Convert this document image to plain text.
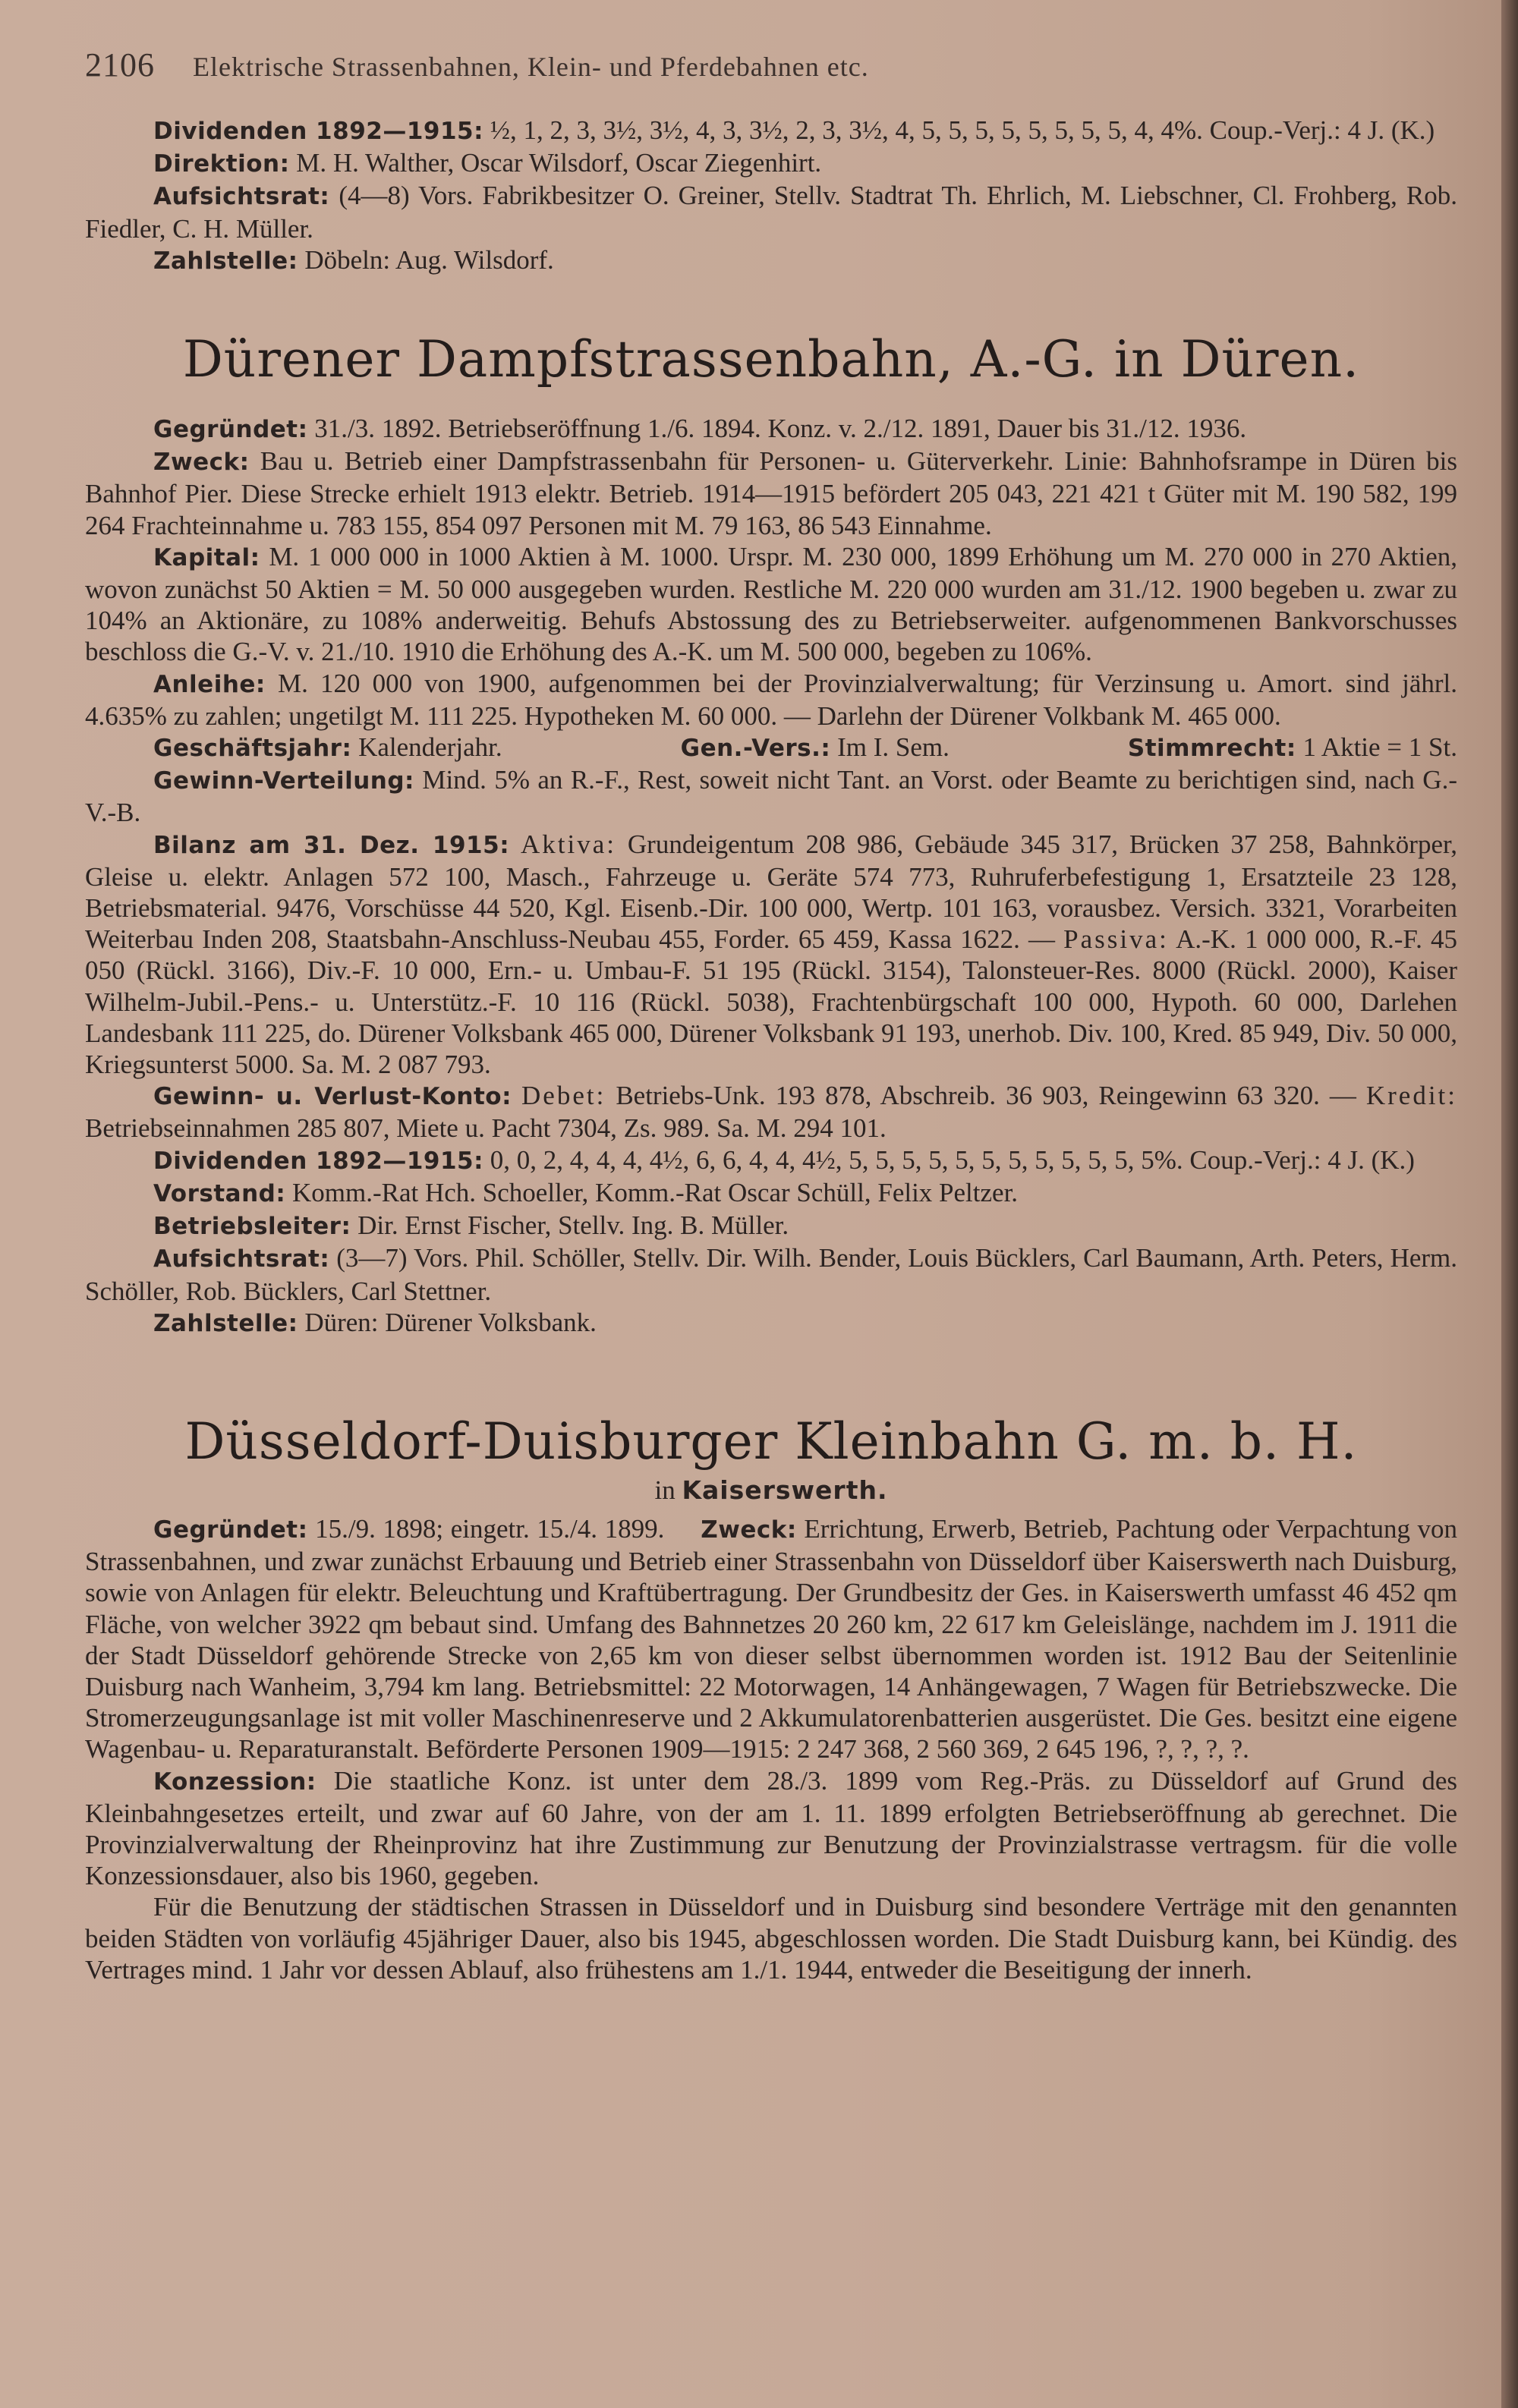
2106 Elektrische Strassenbahnen, Klein- und Pferdebahnen etc.

Dividenden 1892—1915: ½, 1, 2, 3, 3½, 3½, 4, 3, 3½, 2, 3, 3½, 4, 5, 5, 5, 5, 5, 5, 5, 5, 4, 4%. Coup.-Verj.: 4 J. (K.)

Direktion: M. H. Walther, Oscar Wilsdorf, Oscar Ziegenhirt.

Aufsichtsrat: (4—8) Vors. Fabrikbesitzer O. Greiner, Stellv. Stadtrat Th. Ehrlich, M. Liebschner, Cl. Frohberg, Rob. Fiedler, C. H. Müller.

Zahlstelle: Döbeln: Aug. Wilsdorf.

Dürener Dampfstrassenbahn, A.-G. in Düren.

Gegründet: 31./3. 1892. Betriebseröffnung 1./6. 1894. Konz. v. 2./12. 1891, Dauer bis 31./12. 1936.

Zweck: Bau u. Betrieb einer Dampfstrassenbahn für Personen- u. Güterverkehr. Linie: Bahnhofsrampe in Düren bis Bahnhof Pier. Diese Strecke erhielt 1913 elektr. Betrieb. 1914—1915 befördert 205 043, 221 421 t Güter mit M. 190 582, 199 264 Frachteinnahme u. 783 155, 854 097 Personen mit M. 79 163, 86 543 Einnahme.

Kapital: M. 1 000 000 in 1000 Aktien à M. 1000. Urspr. M. 230 000, 1899 Erhöhung um M. 270 000 in 270 Aktien, wovon zunächst 50 Aktien = M. 50 000 ausgegeben wurden. Restliche M. 220 000 wurden am 31./12. 1900 begeben u. zwar zu 104% an Aktionäre, zu 108% anderweitig. Behufs Abstossung des zu Betriebserweiter. aufgenommenen Bankvorschusses beschloss die G.-V. v. 21./10. 1910 die Erhöhung des A.-K. um M. 500 000, begeben zu 106%.

Anleihe: M. 120 000 von 1900, aufgenommen bei der Provinzialverwaltung; für Verzinsung u. Amort. sind jährl. 4.635% zu zahlen; ungetilgt M. 111 225. Hypotheken M. 60 000. — Darlehn der Dürener Volkbank M. 465 000.

Geschäftsjahr: Kalenderjahr.	Gen.-Vers.: Im I. Sem.	Stimmrecht: 1 Aktie = 1 St.

Gewinn-Verteilung: Mind. 5% an R.-F., Rest, soweit nicht Tant. an Vorst. oder Beamte zu berichtigen sind, nach G.-V.-B.

Bilanz am 31. Dez. 1915: Aktiva: Grundeigentum 208 986, Gebäude 345 317, Brücken 37 258, Bahnkörper, Gleise u. elektr. Anlagen 572 100, Masch., Fahrzeuge u. Geräte 574 773, Ruhruferbefestigung 1, Ersatzteile 23 128, Betriebsmaterial. 9476, Vorschüsse 44 520, Kgl. Eisenb.-Dir. 100 000, Wertp. 101 163, vorausbez. Versich. 3321, Vorarbeiten Weiterbau Inden 208, Staatsbahn-Anschluss-Neubau 455, Forder. 65 459, Kassa 1622. — Passiva: A.-K. 1 000 000, R.-F. 45 050 (Rückl. 3166), Div.-F. 10 000, Ern.- u. Umbau-F. 51 195 (Rückl. 3154), Talonsteuer-Res. 8000 (Rückl. 2000), Kaiser Wilhelm-Jubil.-Pens.- u. Unterstütz.-F. 10 116 (Rückl. 5038), Frachtenbürgschaft 100 000, Hypoth. 60 000, Darlehen Landesbank 111 225, do. Dürener Volksbank 465 000, Dürener Volksbank 91 193, unerhob. Div. 100, Kred. 85 949, Div. 50 000, Kriegsunterst 5000. Sa. M. 2 087 793.

Gewinn- u. Verlust-Konto: Debet: Betriebs-Unk. 193 878, Abschreib. 36 903, Reingewinn 63 320. — Kredit: Betriebseinnahmen 285 807, Miete u. Pacht 7304, Zs. 989. Sa. M. 294 101.

Dividenden 1892—1915: 0, 0, 2, 4, 4, 4, 4½, 6, 6, 4, 4, 4½, 5, 5, 5, 5, 5, 5, 5, 5, 5, 5, 5, 5%. Coup.-Verj.: 4 J. (K.)

Vorstand: Komm.-Rat Hch. Schoeller, Komm.-Rat Oscar Schüll, Felix Peltzer.

Betriebsleiter: Dir. Ernst Fischer, Stellv. Ing. B. Müller.

Aufsichtsrat: (3—7) Vors. Phil. Schöller, Stellv. Dir. Wilh. Bender, Louis Bücklers, Carl Baumann, Arth. Peters, Herm. Schöller, Rob. Bücklers, Carl Stettner.

Zahlstelle: Düren: Dürener Volksbank.

Düsseldorf-Duisburger Kleinbahn G. m. b. H.
in Kaiserswerth.

Gegründet: 15./9. 1898; eingetr. 15./4. 1899. Zweck: Errichtung, Erwerb, Betrieb, Pachtung oder Verpachtung von Strassenbahnen, und zwar zunächst Erbauung und Betrieb einer Strassenbahn von Düsseldorf über Kaiserswerth nach Duisburg, sowie von Anlagen für elektr. Beleuchtung und Kraftübertragung. Der Grundbesitz der Ges. in Kaiserswerth umfasst 46 452 qm Fläche, von welcher 3922 qm bebaut sind. Umfang des Bahnnetzes 20 260 km, 22 617 km Geleislänge, nachdem im J. 1911 die der Stadt Düsseldorf gehörende Strecke von 2,65 km von dieser selbst übernommen worden ist. 1912 Bau der Seitenlinie Duisburg nach Wanheim, 3,794 km lang. Betriebsmittel: 22 Motorwagen, 14 Anhängewagen, 7 Wagen für Betriebszwecke. Die Stromerzeugungsanlage ist mit voller Maschinenreserve und 2 Akkumulatorenbatterien ausgerüstet. Die Ges. besitzt eine eigene Wagenbau- u. Reparaturanstalt. Beförderte Personen 1909—1915: 2 247 368, 2 560 369, 2 645 196, ?, ?, ?, ?.

Konzession: Die staatliche Konz. ist unter dem 28./3. 1899 vom Reg.-Präs. zu Düsseldorf auf Grund des Kleinbahngesetzes erteilt, und zwar auf 60 Jahre, von der am 1. 11. 1899 erfolgten Betriebseröffnung ab gerechnet. Die Provinzialverwaltung der Rheinprovinz hat ihre Zustimmung zur Benutzung der Provinzialstrasse vertragsm. für die volle Konzessionsdauer, also bis 1960, gegeben.

Für die Benutzung der städtischen Strassen in Düsseldorf und in Duisburg sind besondere Verträge mit den genannten beiden Städten von vorläufig 45jähriger Dauer, also bis 1945, abgeschlossen worden. Die Stadt Duisburg kann, bei Kündig. des Vertrages mind. 1 Jahr vor dessen Ablauf, also frühestens am 1./1. 1944, entweder die Beseitigung der innerh.
